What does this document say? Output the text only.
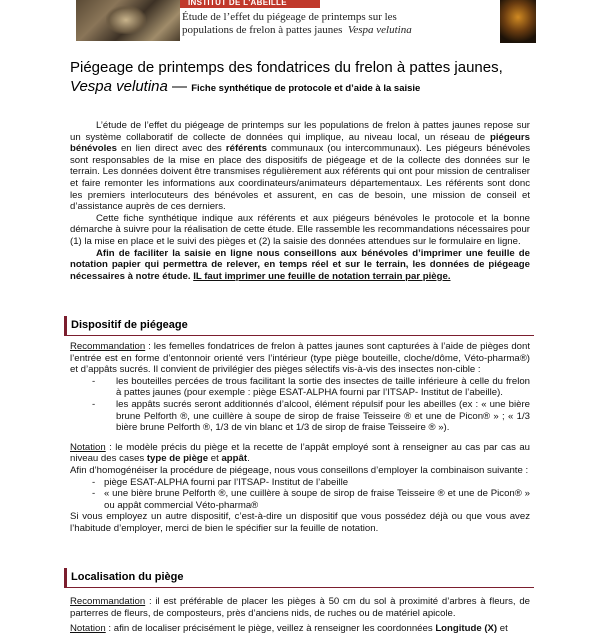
INSTITUT DE L'ABEILLE
Étude de l’effet du piégeage de printemps sur les
populations de frelon à pattes jaunes Vespa velutina
Piégeage de printemps des fondatrices du frelon à pattes jaunes, Vespa velutina — Fiche synthétique de protocole et d’aide à la saisie

L’étude de l’effet du piégeage de printemps sur les populations de frelon à pattes jaunes repose sur un système collaboratif de collecte de données qui implique, au niveau local, un réseau de piégeurs bénévoles en lien direct avec des référents communaux (ou intercommunaux). Les piégeurs bénévoles sont responsables de la mise en place des dispositifs de piégeage et de la collecte des données sur le terrain. Les données doivent être transmises régulièrement aux référents qui ont pour mission de centraliser et faire remonter les informations aux coordinateurs/animateurs départementaux. Les référents sont donc les premiers interlocuteurs des bénévoles et assurent, en cas de besoin, une mission de conseil et d’assistance auprès de ces derniers.

Cette fiche synthétique indique aux référents et aux piégeurs bénévoles le protocole et la bonne démarche à suivre pour la réalisation de cette étude. Elle rassemble les recommandations nécessaires pour (1) la mise en place et le suivi des pièges et (2) la saisie des données attendues sur le formulaire en ligne.

Afin de faciliter la saisie en ligne nous conseillons aux bénévoles d’imprimer une feuille de notation papier qui permettra de relever, en temps réel et sur le terrain, les données de piégeage nécessaires à notre étude. IL faut imprimer une feuille de notation terrain par piège.

Dispositif de piégeage

Recommandation : les femelles fondatrices de frelon à pattes jaunes sont capturées à l’aide de pièges dont l’entrée est en forme d’entonnoir orienté vers l’intérieur (type piège bouteille, cloche/dôme, Véto-pharma®) et d’appâts sucrés. Il convient de privilégier des pièges sélectifs vis-à-vis des insectes non-cible :

- les bouteilles percées de trous facilitant la sortie des insectes de taille inférieure à celle du frelon à pattes jaunes (pour exemple : piège ESAT-ALPHA fourni par l’ITSAP- Institut de l’abeille).
- les appâts sucrés seront additionnés d’alcool, élément répulsif pour les abeilles (ex : « une bière brune Pelforth ®, une cuillère à soupe de sirop de fraise Teisseire ® et une de Picon® » ; « 1/3 bière brune Pelforth ®, 1/3 de vin blanc et 1/3 de sirop de fraise Teisseire ® »).

Notation : le modèle précis du piège et la recette de l’appât employé sont à renseigner au cas par cas au niveau des cases type de piège et appât.

Afin d’homogénéiser la procédure de piégeage, nous vous conseillons d’employer la combinaison suivante :

- piège ESAT-ALPHA fourni par l’ITSAP- Institut de l’abeille
- « une bière brune Pelforth ®, une cuillère à soupe de sirop de fraise Teisseire ® et une de Picon® » ou appât commercial Véto-pharma®

Si vous employez un autre dispositif, c’est-à-dire un dispositif que vous possédez déjà ou que vous avez l’habitude d’employer, merci de bien le spécifier sur la feuille de notation.

Localisation du piège

Recommandation : il est préférable de placer les pièges à 50 cm du sol à proximité d’arbres à fleurs, de parterres de fleurs, de composteurs, près d’anciens nids, de ruches ou de matériel apicole.

Notation : afin de localiser précisément le piège, veillez à renseigner les coordonnées Longitude (X) et
